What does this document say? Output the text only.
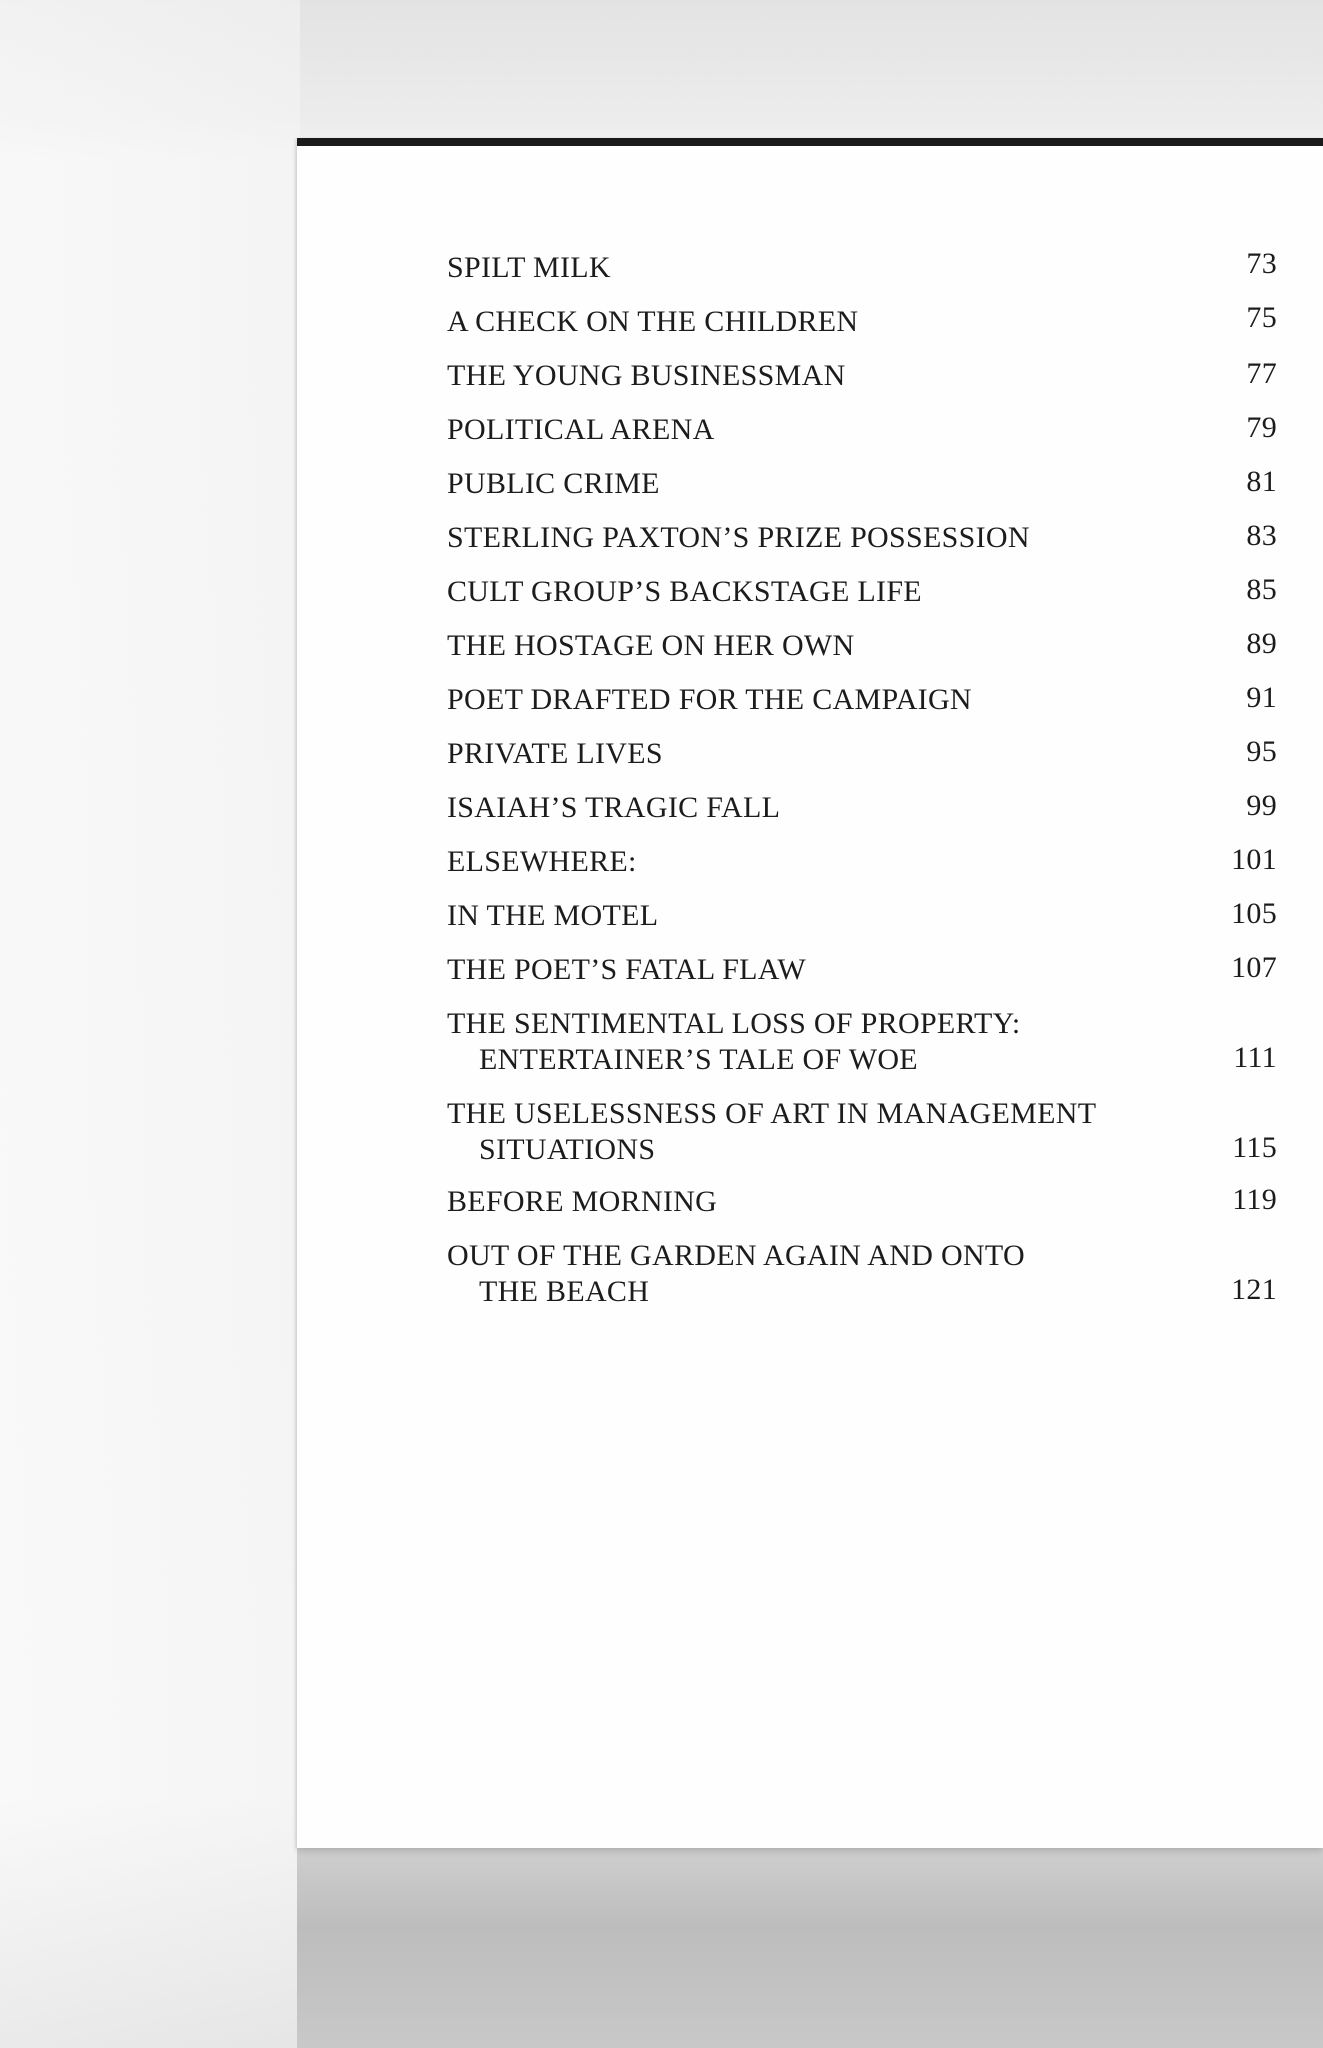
SPILT MILK	73
A CHECK ON THE CHILDREN	75
THE YOUNG BUSINESSMAN	77
POLITICAL ARENA	79
PUBLIC CRIME	81
STERLING PAXTON’S PRIZE POSSESSION	83
CULT GROUP’S BACKSTAGE LIFE	85
THE HOSTAGE ON HER OWN	89
POET DRAFTED FOR THE CAMPAIGN	91
PRIVATE LIVES	95
ISAIAH’S TRAGIC FALL	99
ELSEWHERE:	101
IN THE MOTEL	105
THE POET’S FATAL FLAW	107
THE SENTIMENTAL LOSS OF PROPERTY:
ENTERTAINER’S TALE OF WOE	111
THE USELESSNESS OF ART IN MANAGEMENT
SITUATIONS	115
BEFORE MORNING	119
OUT OF THE GARDEN AGAIN AND ONTO
THE BEACH	121
